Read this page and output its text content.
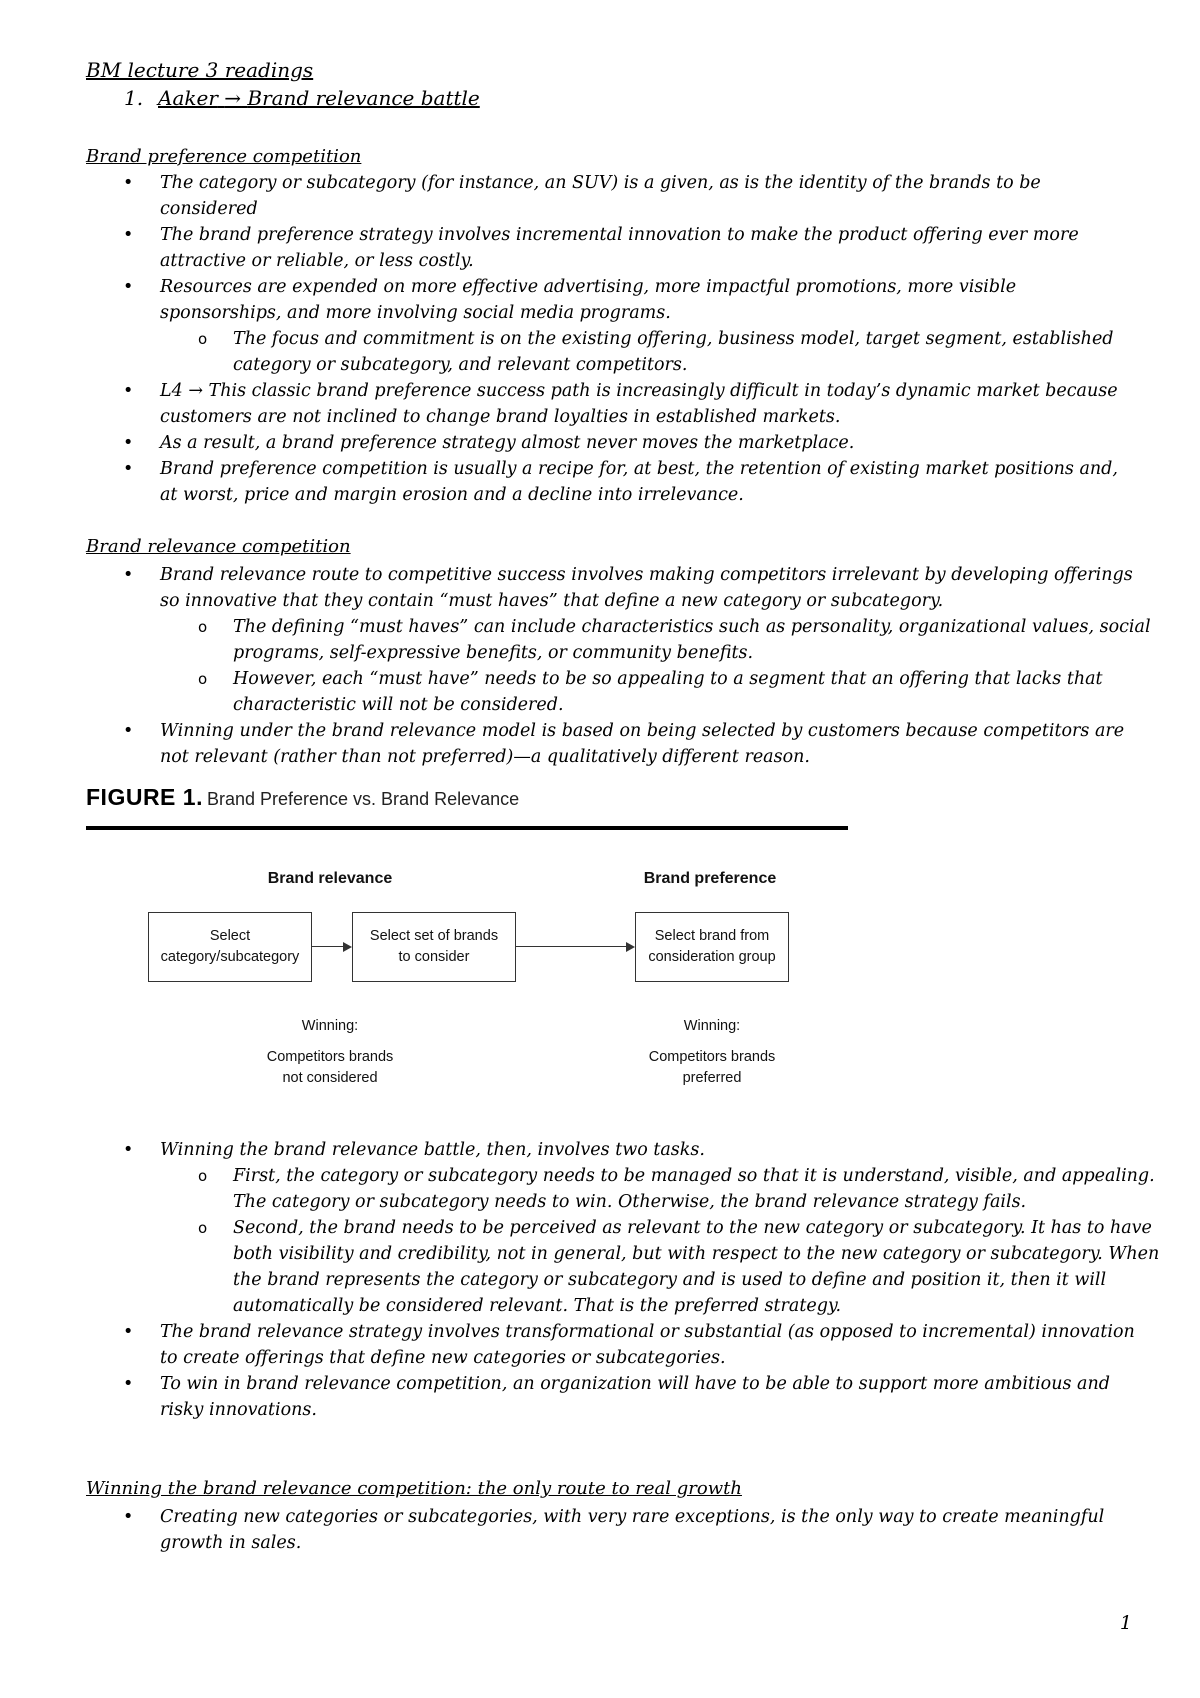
BM lecture 3 readings
1. Aaker → Brand relevance battle
Brand preference competition
• The category or subcategory (for instance, an SUV) is a given, as is the identity of the brands to be considered
• The brand preference strategy involves incremental innovation to make the product offering ever more attractive or reliable, or less costly.
• Resources are expended on more effective advertising, more impactful promotions, more visible sponsorships, and more involving social media programs.
o The focus and commitment is on the existing offering, business model, target segment, established category or subcategory, and relevant competitors.
• L4 → This classic brand preference success path is increasingly difficult in today’s dynamic market because customers are not inclined to change brand loyalties in established markets.
• As a result, a brand preference strategy almost never moves the marketplace.
• Brand preference competition is usually a recipe for, at best, the retention of existing market positions and, at worst, price and margin erosion and a decline into irrelevance.
Brand relevance competition
• Brand relevance route to competitive success involves making competitors irrelevant by developing offerings so innovative that they contain “must haves” that define a new category or subcategory.
o The defining “must haves” can include characteristics such as personality, organizational values, social programs, self-expressive benefits, or community benefits.
o However, each “must have” needs to be so appealing to a segment that an offering that lacks that characteristic will not be considered.
• Winning under the brand relevance model is based on being selected by customers because competitors are not relevant (rather than not preferred)—a qualitatively different reason.
FIGURE 1. Brand Preference vs. Brand Relevance
Brand relevance	Brand preference
Select
category/subcategory
Select set of brands
to consider
Select brand from
consideration group
Winning:
Competitors brands
not considered
Winning:
Competitors brands
preferred
• Winning the brand relevance battle, then, involves two tasks.
o First, the category or subcategory needs to be managed so that it is understand, visible, and appealing. The category or subcategory needs to win. Otherwise, the brand relevance strategy fails.
o Second, the brand needs to be perceived as relevant to the new category or subcategory. It has to have both visibility and credibility, not in general, but with respect to the new category or subcategory. When the brand represents the category or subcategory and is used to define and position it, then it will automatically be considered relevant. That is the preferred strategy.
• The brand relevance strategy involves transformational or substantial (as opposed to incremental) innovation to create offerings that define new categories or subcategories.
• To win in brand relevance competition, an organization will have to be able to support more ambitious and risky innovations.
Winning the brand relevance competition: the only route to real growth
• Creating new categories or subcategories, with very rare exceptions, is the only way to create meaningful growth in sales.
1
